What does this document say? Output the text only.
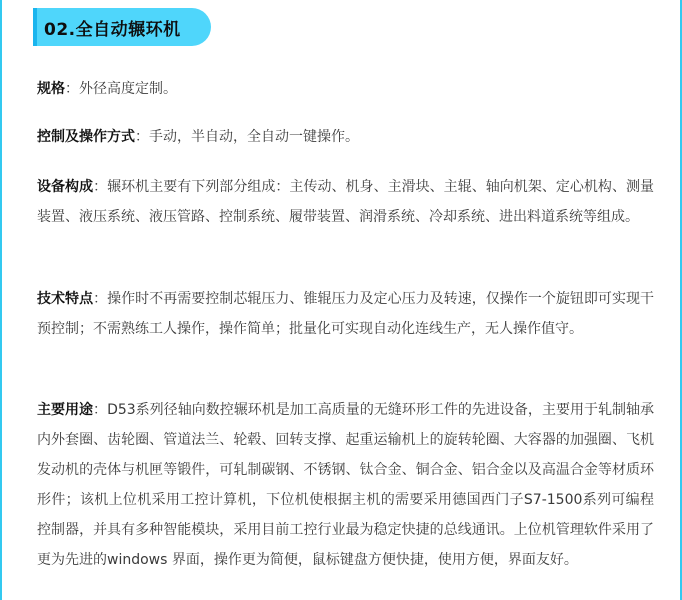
02.全自动辗环机

规格：外径高度定制。

控制及操作方式：手动，半自动，全自动一键操作。

设备构成：辗环机主要有下列部分组成：主传动、机身、主滑块、主辊、轴向机架、定心机构、测量装置、液压系统、液压管路、控制系统、履带装置、润滑系统、冷却系统、进出料道系统等组成。

技术特点：操作时不再需要控制芯辊压力、锥辊压力及定心压力及转速，仅操作一个旋钮即可实现干预控制；不需熟练工人操作，操作简单；批量化可实现自动化连线生产，无人操作值守。

主要用途：D53系列径轴向数控辗环机是加工高质量的无缝环形工件的先进设备，主要用于轧制轴承内外套圈、齿轮圈、管道法兰、轮毂、回转支撑、起重运输机上的旋转轮圈、大容器的加强圈、飞机发动机的壳体与机匣等锻件，可轧制碳钢、不锈钢、钛合金、铜合金、铝合金以及高温合金等材质环形件；该机上位机采用工控计算机，下位机使根据主机的需要采用德国西门子S7-1500系列可编程控制器，并具有多种智能模块，采用目前工控行业最为稳定快捷的总线通讯。上位机管理软件采用了更为先进的windows 界面，操作更为简便，鼠标键盘方便快捷，使用方便，界面友好。
